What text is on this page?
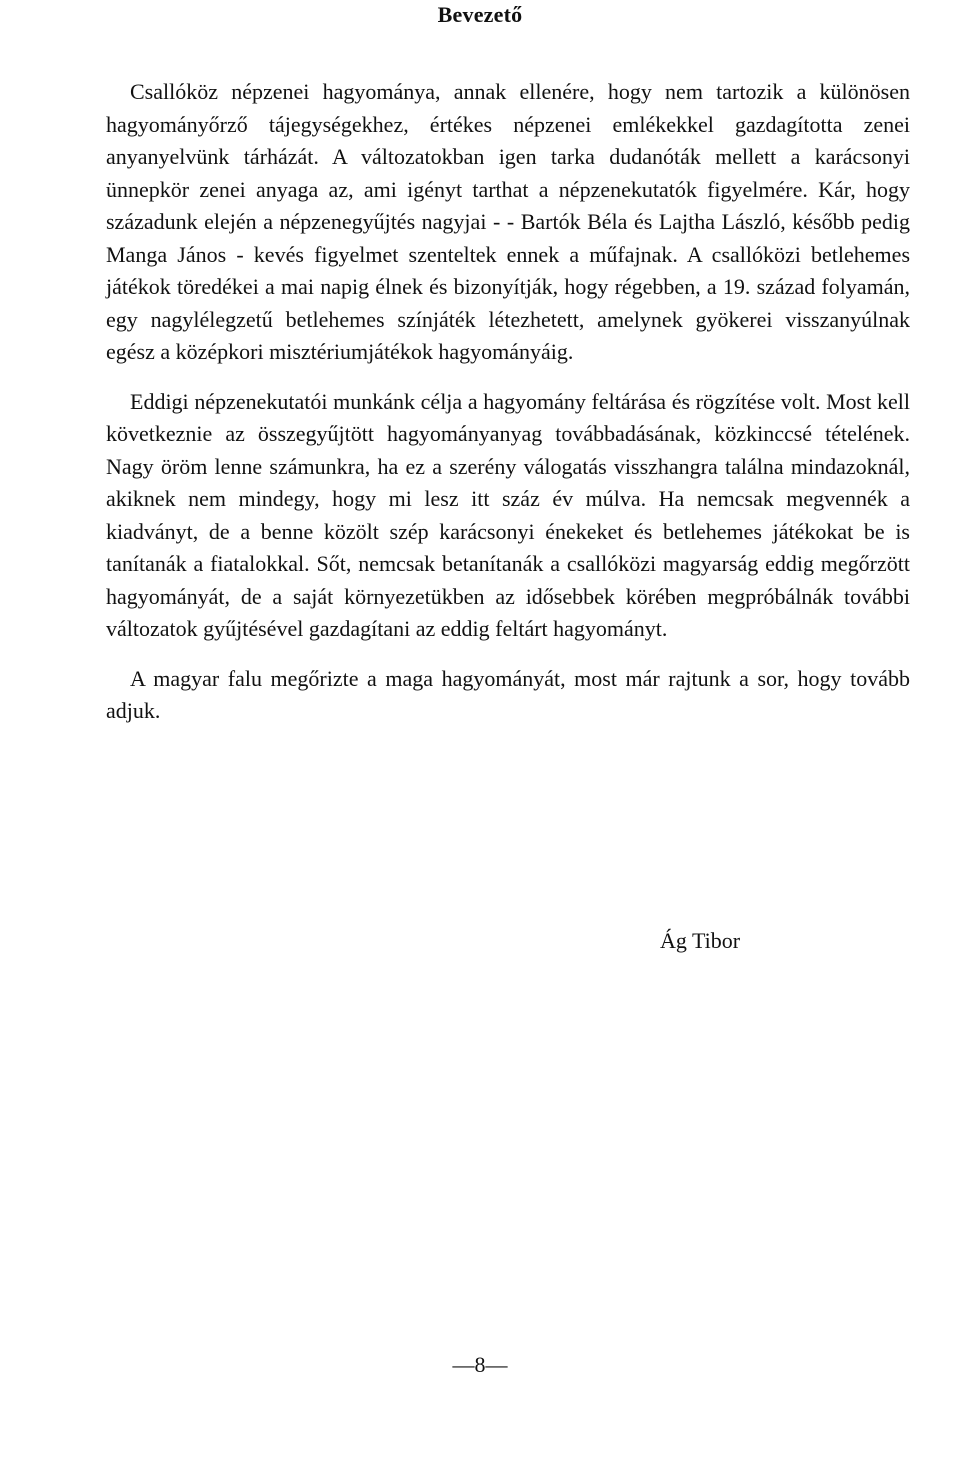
Bevezető

Csallóköz népzenei hagyománya, annak ellenére, hogy nem tartozik a különösen hagyományőrző tájegységekhez, értékes népzenei emlékekkel gazdagította zenei anyanyelvünk tárházát. A változatokban igen tarka dudanóták mellett a karácsonyi ünnepkör zenei anyaga az, ami igényt tarthat a népzenekutatók figyelmére. Kár, hogy századunk elején a népzenegyűjtés nagyjai - - Bartók Béla és Lajtha László, később pedig Manga János - kevés figyelmet szenteltek ennek a műfajnak. A csallóközi betlehemes játékok töredékei a mai napig élnek és bizonyítják, hogy régebben, a 19. század folyamán, egy nagylélegzetű betlehemes színjáték létezhetett, amelynek gyökerei visszanyúlnak egész a középkori misztériumjátékok hagyományáig.

Eddigi népzenekutatói munkánk célja a hagyomány feltárása és rögzítése volt. Most kell következnie az összegyűjtött hagyományanyag továbbadásának, közkinccsé tételének. Nagy öröm lenne számunkra, ha ez a szerény válogatás visszhangra találna mindazoknál, akiknek nem mindegy, hogy mi lesz itt száz év múlva. Ha nemcsak megvennék a kiadványt, de a benne közölt szép karácsonyi énekeket és betlehemes játékokat be is tanítanák a fiatalokkal. Sőt, nemcsak betanítanák a csallóközi magyarság eddig megőrzött hagyományát, de a saját környezetükben az idősebbek körében megpróbálnák további változatok gyűjtésével gazdagítani az eddig feltárt hagyományt.

A magyar falu megőrizte a maga hagyományát, most már rajtunk a sor, hogy tovább adjuk.

Ág Tibor
—8—
